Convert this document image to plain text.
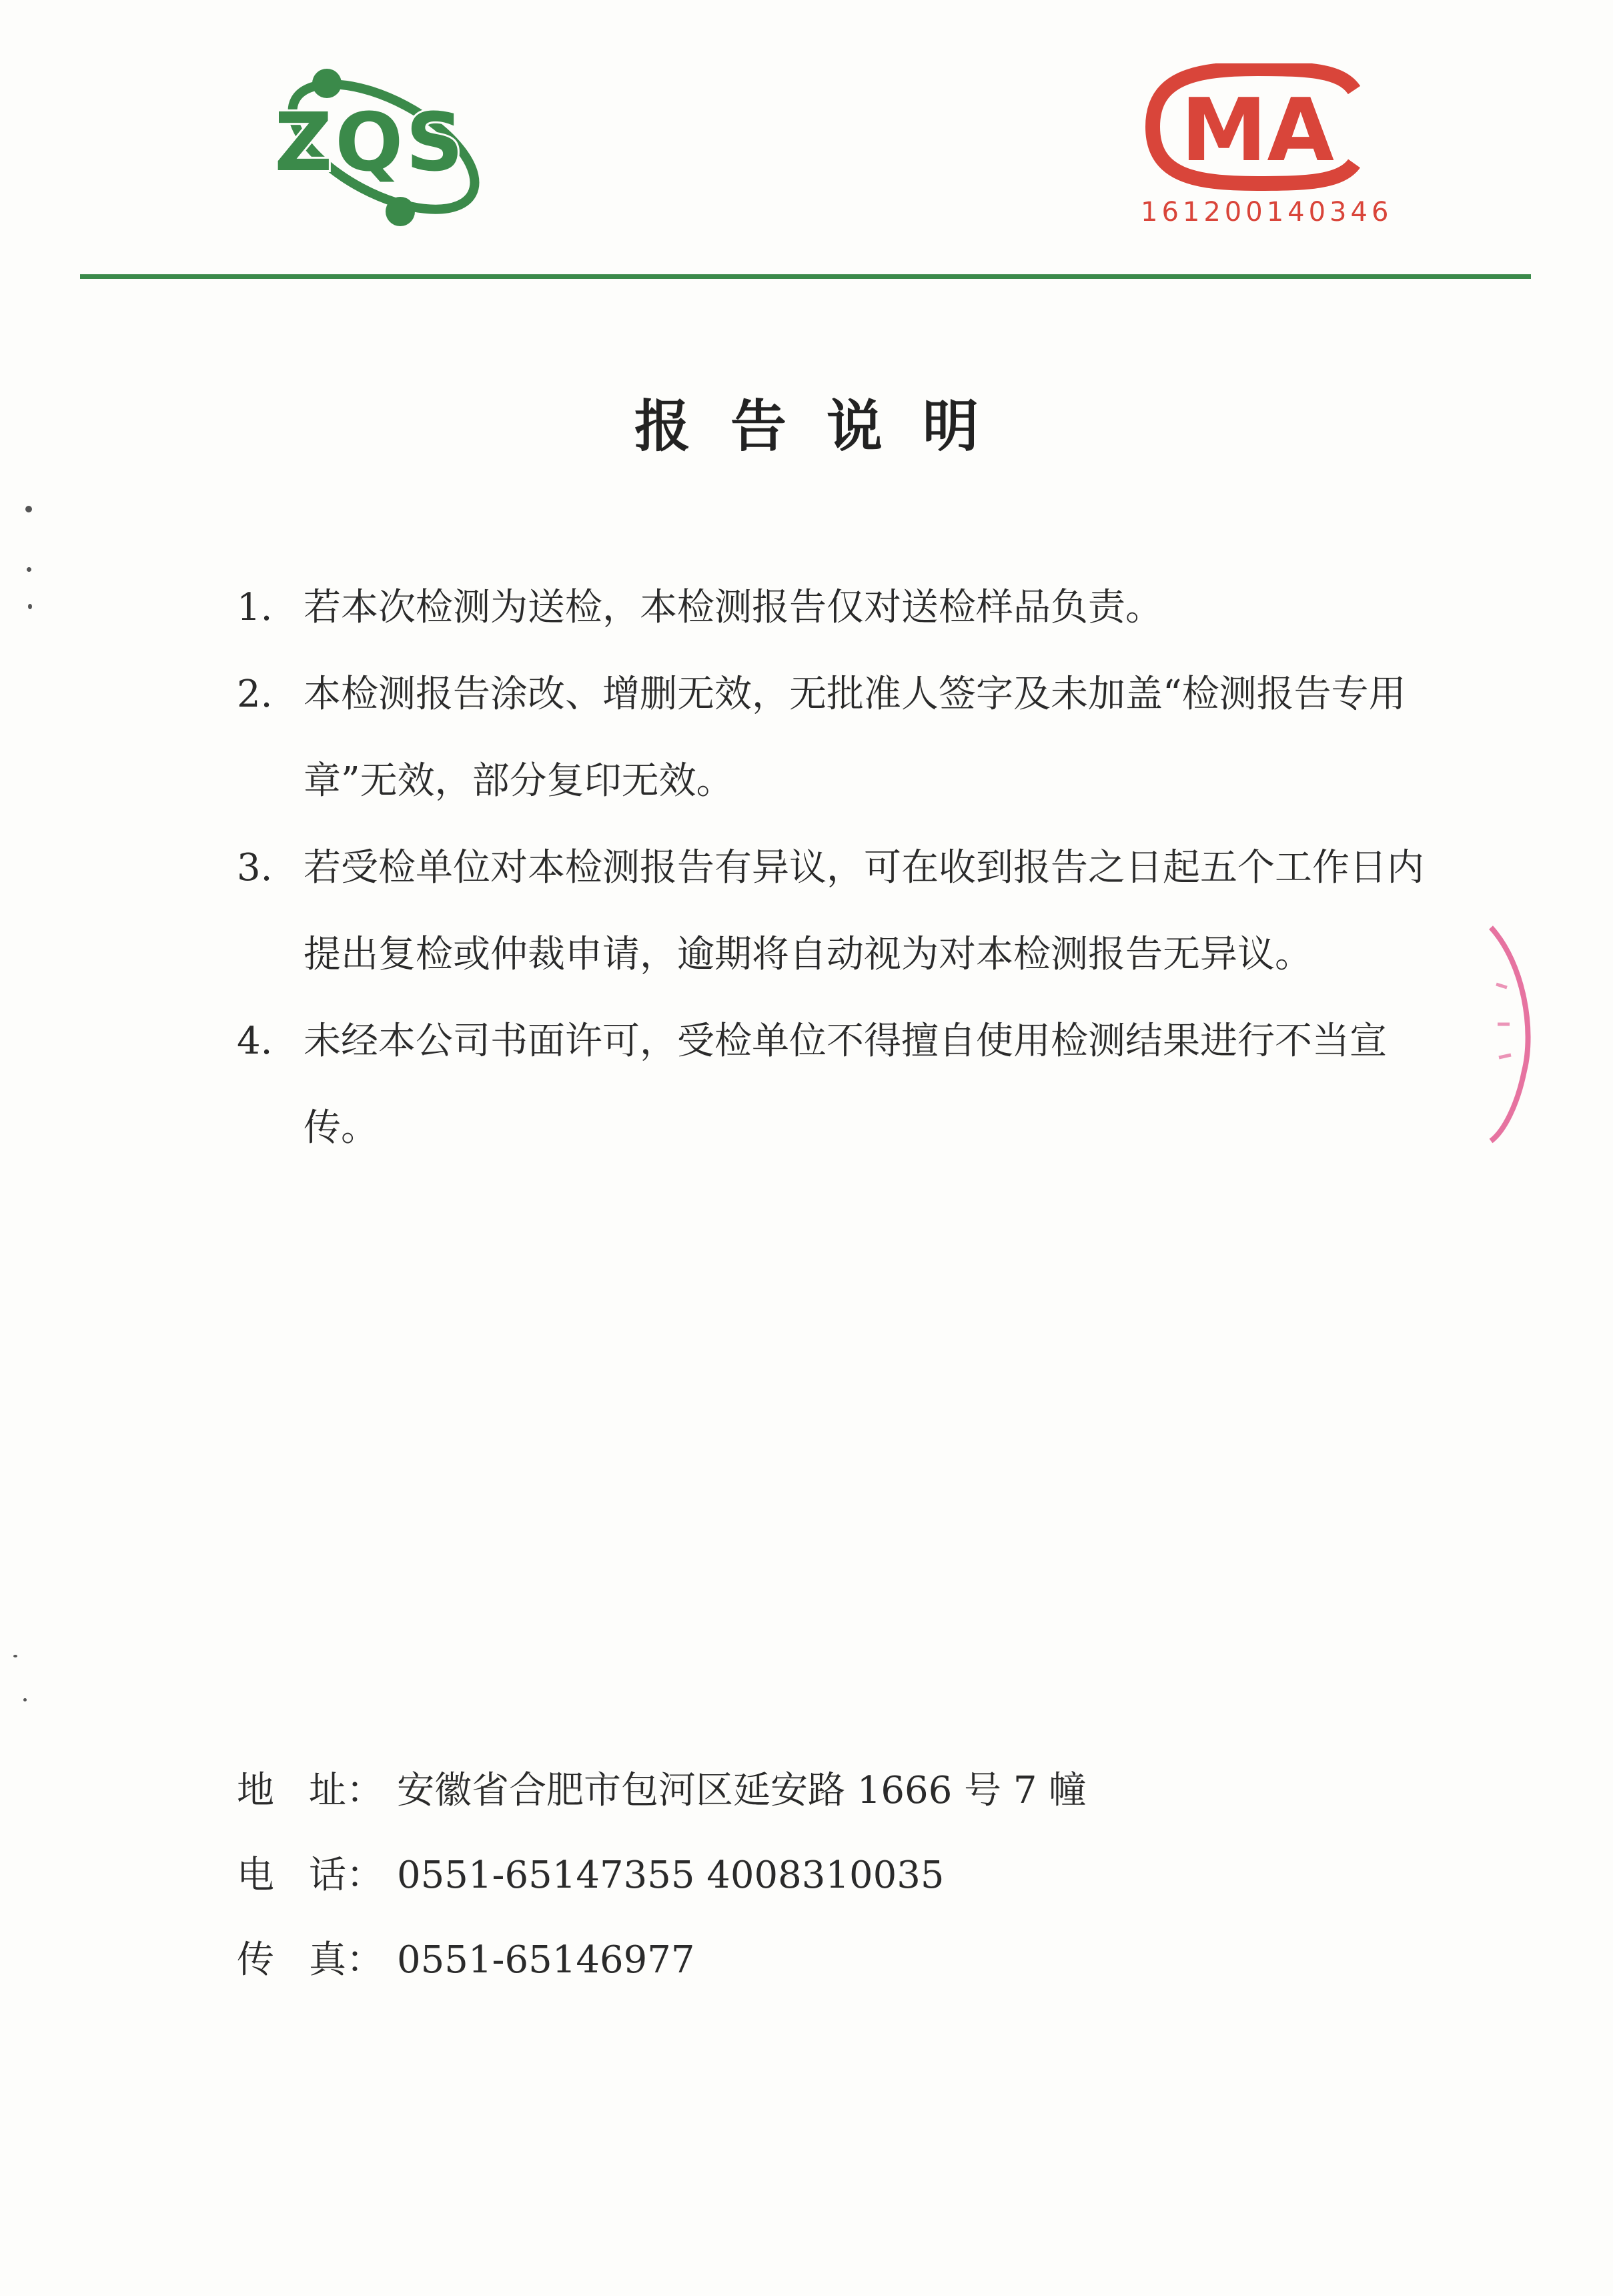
ZQS	MA
161200140346
报告说明
1. 若本次检测为送检，本检测报告仅对送检样品负责。
2. 本检测报告涂改、增删无效，无批准人签字及未加盖“检测报告专用章”无效，部分复印无效。
3. 若受检单位对本检测报告有异议，可在收到报告之日起五个工作日内提出复检或仲裁申请，逾期将自动视为对本检测报告无异议。
4. 未经本公司书面许可，受检单位不得擅自使用检测结果进行不当宣传。
地 址： 安徽省合肥市包河区延安路 1666 号 7 幢
电 话： 0551-65147355 4008310035
传 真： 0551-65146977
